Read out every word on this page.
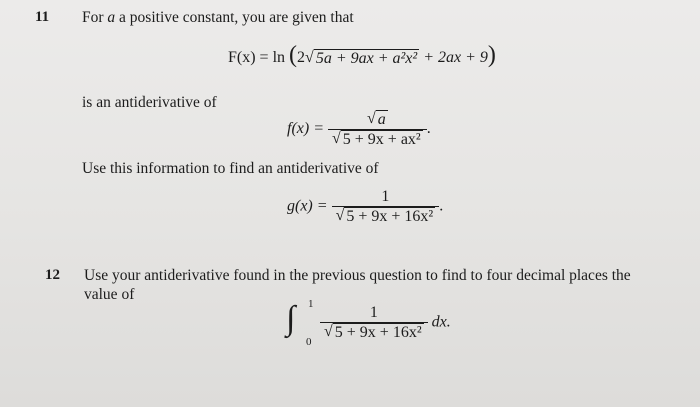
11 For a a positive constant, you are given that
F(x) = ln (2 √ 5a + 9ax + a²x² + 2ax + 9)
is an antiderivative of
$f(x) = \frac{√ a}{\text{√ 5 + 9x + ax²}}$ .
Use this information to find an antiderivative of
$g(x) = \frac{1}{\text{√ 5 + 9x + 16x²}}$ .
12 Use your antiderivative found in the previous question to find to four decimal places the
value of
∫ 1
$0 \frac{1}{\text{√ 5 + 9x + 16x²}}$ dx.
